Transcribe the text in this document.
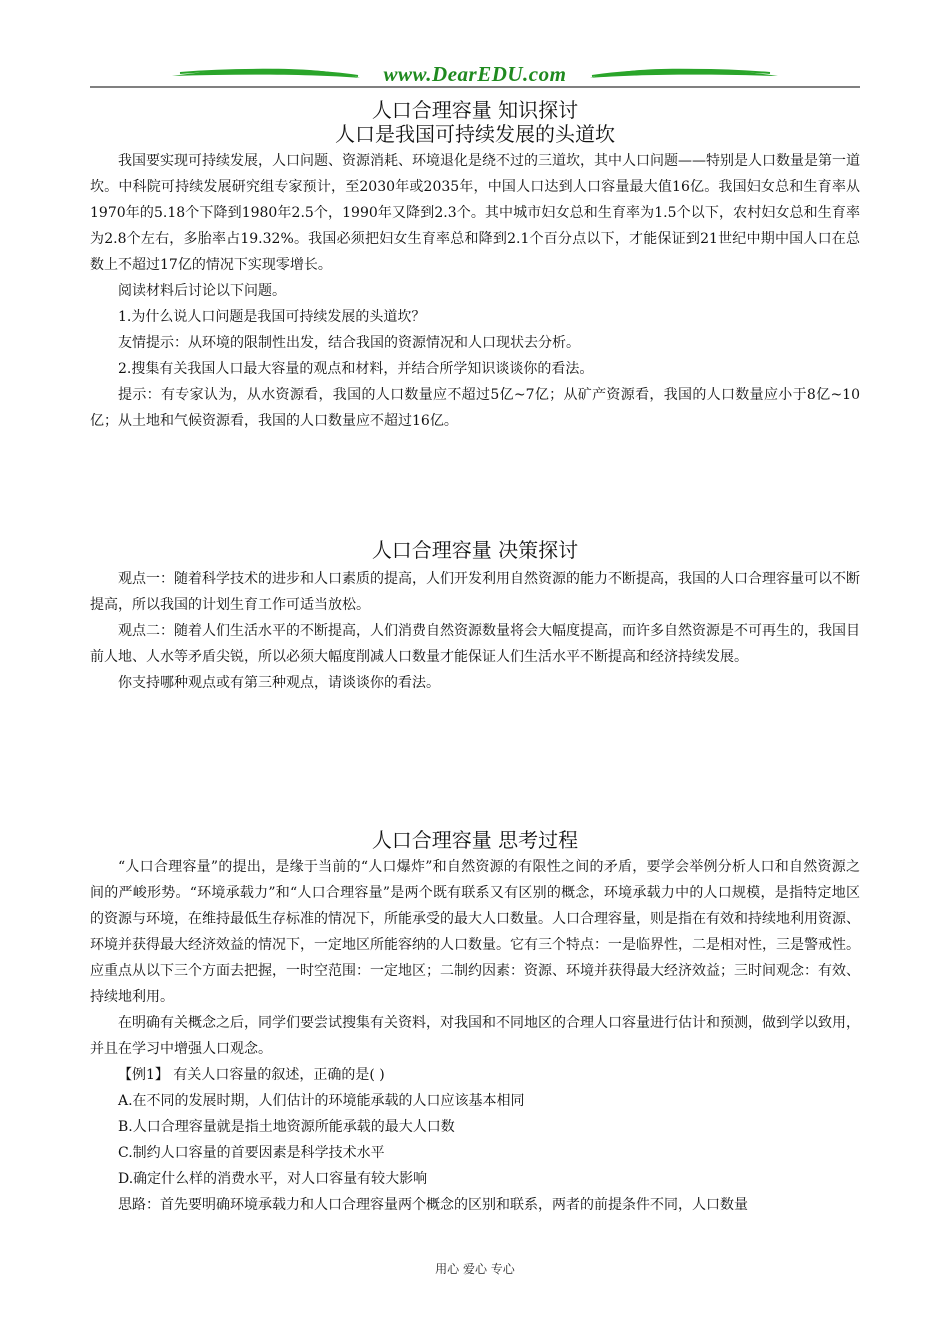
www.DearEDU.com
人口合理容量 知识探讨
人口是我国可持续发展的头道坎

我国要实现可持续发展，人口问题、资源消耗、环境退化是绕不过的三道坎，其中人口问题——特别是人口数量是第一道坎。中科院可持续发展研究组专家预计，至2030年或2035年，中国人口达到人口容量最大值16亿。我国妇女总和生育率从1970年的5.18个下降到1980年2.5个，1990年又降到2.3个。其中城市妇女总和生育率为1.5个以下，农村妇女总和生育率为2.8个左右，多胎率占19.32%。我国必须把妇女生育率总和降到2.1个百分点以下，才能保证到21世纪中期中国人口在总数上不超过17亿的情况下实现零增长。

阅读材料后讨论以下问题。

1.为什么说人口问题是我国可持续发展的头道坎？

友情提示：从环境的限制性出发，结合我国的资源情况和人口现状去分析。

2.搜集有关我国人口最大容量的观点和材料，并结合所学知识谈谈你的看法。

提示：有专家认为，从水资源看，我国的人口数量应不超过5亿~7亿；从矿产资源看，我国的人口数量应小于8亿~10亿；从土地和气候资源看，我国的人口数量应不超过16亿。

人口合理容量 决策探讨

观点一：随着科学技术的进步和人口素质的提高，人们开发利用自然资源的能力不断提高，我国的人口合理容量可以不断提高，所以我国的计划生育工作可适当放松。

观点二：随着人们生活水平的不断提高，人们消费自然资源数量将会大幅度提高，而许多自然资源是不可再生的，我国目前人地、人水等矛盾尖锐，所以必须大幅度削减人口数量才能保证人们生活水平不断提高和经济持续发展。

你支持哪种观点或有第三种观点，请谈谈你的看法。

人口合理容量 思考过程

“人口合理容量”的提出，是缘于当前的“人口爆炸”和自然资源的有限性之间的矛盾，要学会举例分析人口和自然资源之间的严峻形势。“环境承载力”和“人口合理容量”是两个既有联系又有区别的概念，环境承载力中的人口规模，是指特定地区的资源与环境，在维持最低生存标准的情况下，所能承受的最大人口数量。人口合理容量，则是指在有效和持续地利用资源、环境并获得最大经济效益的情况下，一定地区所能容纳的人口数量。它有三个特点：一是临界性，二是相对性，三是警戒性。应重点从以下三个方面去把握，一时空范围：一定地区；二制约因素：资源、环境并获得最大经济效益；三时间观念：有效、持续地利用。

在明确有关概念之后，同学们要尝试搜集有关资料，对我国和不同地区的合理人口容量进行估计和预测，做到学以致用，并且在学习中增强人口观念。

【例1】 有关人口容量的叙述，正确的是( )

A.在不同的发展时期，人们估计的环境能承载的人口应该基本相同

B.人口合理容量就是指土地资源所能承载的最大人口数

C.制约人口容量的首要因素是科学技术水平

D.确定什么样的消费水平，对人口容量有较大影响

思路：首先要明确环境承载力和人口合理容量两个概念的区别和联系，两者的前提条件不同，人口数量

用心 爱心 专心
